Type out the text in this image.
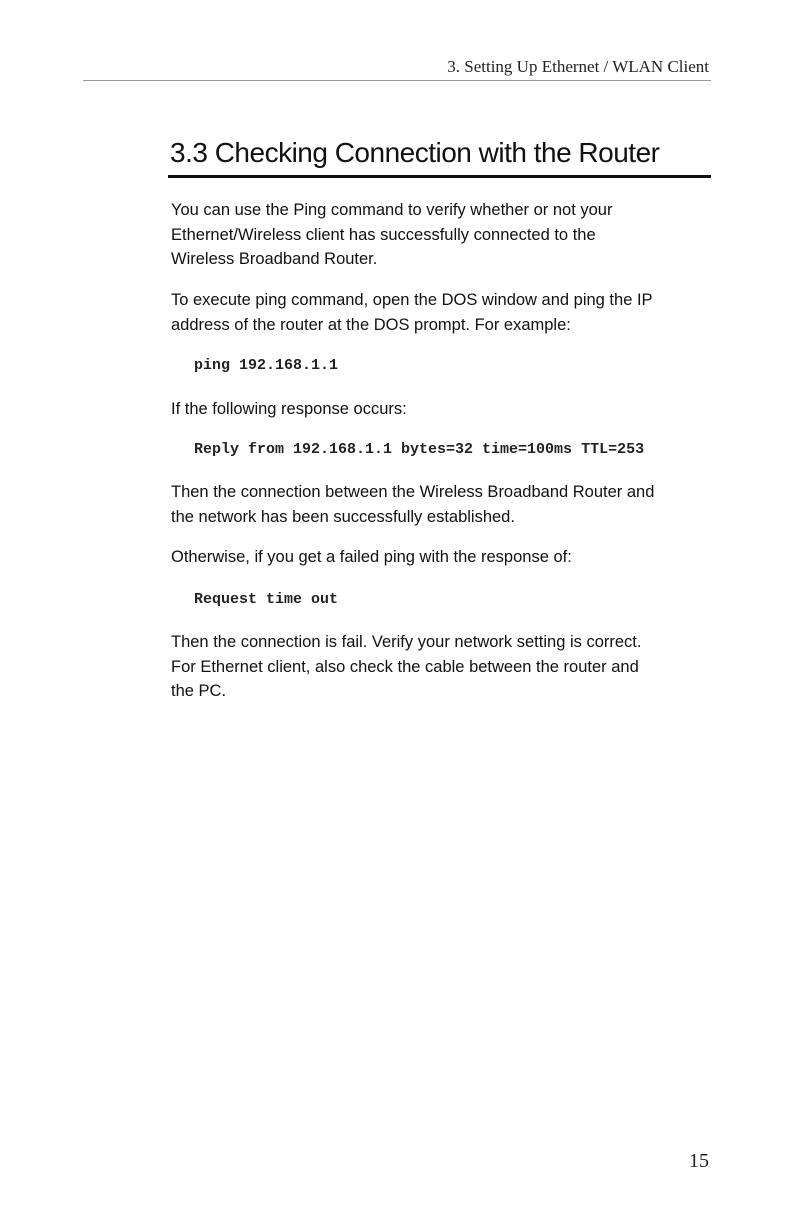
3. Setting Up Ethernet / WLAN Client
3.3 Checking Connection with the Router

You can use the Ping command to verify whether or not your

Ethernet/Wireless client has successfully connected to the

Wireless Broadband Router.

To execute ping command, open the DOS window and ping the IP

address of the router at the DOS prompt. For example:

ping 192.168.1.1

If the following response occurs:

Reply from 192.168.1.1 bytes=32 time=100ms TTL=253

Then the connection between the Wireless Broadband Router and

the network has been successfully established.

Otherwise, if you get a failed ping with the response of:

Request time out

Then the connection is fail. Verify your network setting is correct.

For Ethernet client, also check the cable between the router and

the PC.

15
